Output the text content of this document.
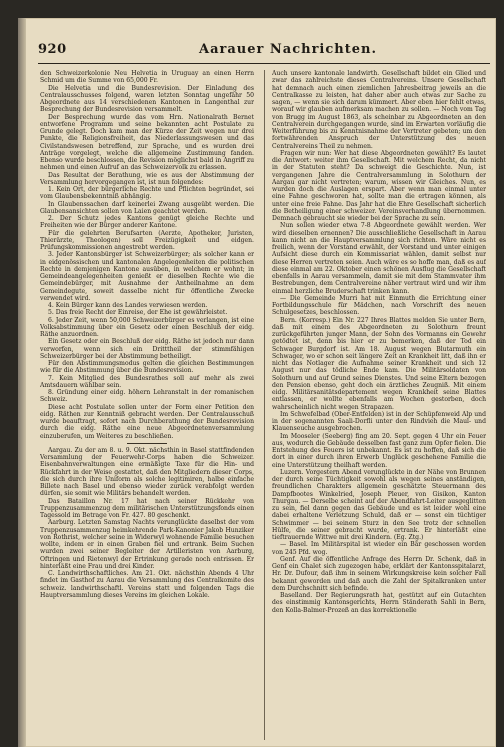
920	Aarauer Nachrichten.

den Schweizerkolonie Neu Helvetia in Uruguay an einen Herrn Schmid um die Summe von 65,000 Fr.

Die Helvetia und die Bundesrevision. Der Einladung des Centralausschusses folgend, waren letzten Sonntag ungefähr 50 Abgeordnete aus 14 verschiedenen Kantonen in Langenthal zur Besprechung der Bundesrevision versammelt.

Der Besprechung wurde das vom Hrn. Nationalrath Bernet entworfene Programm und seine bekannten acht Postulate zu Grunde gelegt. Doch kam man der Kürze der Zeit wegen nur drei Punkte, die Religionsfreiheit, das Niederlassungswesen und das Civilstandswesen betreffend, zur Sprache, und es wurden drei Anträge vorgelegt, welche die allgemeine Zustimmung fanden. Ebenso wurde beschlossen, die Revision möglichst bald in Angriff zu nehmen und einen Aufruf an das Schweizervolk zu erlassen.

Das Resultat der Berathung, wie es aus der Abstimmung der Versammlung hervorgegangen ist, ist nun folgendes:

1. Kein Ort, der bürgerliche Rechte und Pflichten begründet, sei vom Glaubensbekenntniß abhängig.

In Glaubenssachen darf keinerlei Zwang ausgeübt werden. Die Glaubensansichten sollen von Laien geachtet werden.

2. Der Schutz jedes Kantons genügt gleiche Rechte und Freiheiten wie der Bürger anderer Kantone.

Für die gelehrten Berufsarten (Aerzte, Apotheker, Juristen, Thierärzte, Theologen) soll Freizügigkeit und eidgen. Prüfungskommissionen angestrebt werden.

3. Jeder Kantonsbürger ist Schweizerbürger; als solcher kann er in eidgenössischen und kantonalen Angelegenheiten die politischen Rechte in demjenigen Kantone ausüben, in welchem er wohnt; in Gemeindeangelegenheiten genießt er dieselben Rechte wie die Gemeindebürger, mit Ausnahme der Antheilnahme an dem Gemeindegute, soweit dasselbe nicht für öffentliche Zwecke verwendet wird.

4. Kein Bürger kann des Landes verwiesen werden.

5. Das freie Recht der Einreise, der Ehe ist gewährleistet.

6. Jeder Zeit, wenn 50,000 Schweizerbürger es verlangen, ist eine Volksabstimmung über ein Gesetz oder einen Beschluß der eidg. Räthe anzuordnen.

Ein Gesetz oder ein Beschluß der eidg. Räthe ist jedoch nur dann verworfen, wenn sich ein Dritttheil der stimmfähigen Schweizerbürger bei der Abstimmung betheiligt.

Für den Abstimmungsmodus gelten die gleichen Bestimmungen wie für die Abstimmung über die Bundesrevision.

7. Kein Mitglied des Bundesrathes soll auf mehr als zwei Amtsdauern wählbar sein.

8. Gründung einer eidg. höhern Lehranstalt in der romanischen Schweiz.

Diese acht Postulate sollen unter der Form einer Petition den eidg. Räthen zur Kenntniß gebracht werden. Der Centralausschuß wurde beauftragt, sofort nach Durchberathung der Bundesrevision durch die eidg. Räthe eine neue Abgeordnetenversammlung einzuberufen, um Weiteres zu beschließen.

Aargau. Zu der am 8. u. 9. Okt. nächsthin in Basel stattfindenden Versammlung der Feuerwehr-Corps haben die Schweizer. Eisenbahnverwaltungen eine ermäßigte Taxe für die Hin- und Rückfahrt in der Weise gestattet, daß den Mitgliedern dieser Corps, die sich durch ihre Uniform als solche legitimiren, halbe einfache Billete nach Basel und ebenso wieder zurück verabfolgt werden dürfen, sie somit wie Militärs behandelt werden.

Das Bataillon Nr. 17 hat nach seiner Rückkehr von Truppenzusammenzug dem militärischen Unterstützungsfonds einen Tagessold im Betrage von Fr. 427. 80 geschenkt.

Aarburg. Letzten Samstag Nachts verunglückte daselbst der vom Truppenzusammenzug heimkehrende Park-Kanonier Jakob Hunziker von Rothrist, welcher seine in Widerwyl wohnende Familie besuchen wollte, indem er in einen Graben fiel und ertrank. Beim Suchen wurden zwei seiner Begleiter der Artilleristen von Aarburg, Oftringen und Rietenwyl der Ertrinkung gerade noch entrissen. Er hinterläßt eine Frau und drei Kinder.

C. Landwirthschaftliches. Am 21. Okt. nächsthin Abends 4 Uhr findet im Gasthof zu Aarau die Versammlung des Centralkomite des schweiz. landwirthschaftl. Vereins statt und folgenden Tags die Hauptversammlung dieses Vereins im gleichen Lokale.

Auch unsere kantonale landwirth. Gesellschaft bildet ein Glied und zwar das zahlreichste dieses Centralvereins. Unsere Gesellschaft hat demnach auch einen ziemlichen Jahresbeitrag jeweils an die Centralkasse zu leisten, hat daher aber auch etwas zur Sache zu sagen, — wenn sie sich darum kümmert. Aber eben hier fehlt etwas, worauf wir glauben aufmerksam machen zu sollen. — Noch vom Tag von Brugg im August 1863, als scheinbar zu Abgeordneten an den Centralverein durchgegangen wurde, sind im Erwarten vorläufig die Weiterführung bis zu Kenntnisnahme der Vertreter gebeten; um den fortwährenden Anspruch der Unterstützung des neuen Centralvereins Theil zu nehmen.

Fragen wir nun: Wer hat diese Abgeordneten gewählt? Es lautet die Antwort: weiter ihm Gesellschaft. Mit welchem Recht, da nicht in der Statuten steht? Da schweigt die Geschichte. Nun, ist vergangenen Jahre die Centralversammlung in Solothurn der Aargau gar nicht vertreten; warum, wissen wir Gleiches. Nun, es wurden doch die Auslagen erspart. Aber wenn man einmal unter eine Fahne geschworen hat, sollte man die ertragen können, als unter eine freie Fahne. Das Jahr hat die Ehre Gesellschaft sicherlich die Betheiligung einer schweizer. Vereinsverhandlung übernommen. Demnach gebraucht sie wieder bei der Sprache zu sein.

Nun sollen wieder etwa 7-8 Abgeordnete gewählt werden. Wer wird dieselben ernennen? Die ausschließliche Gesellschaft in Aarau kann nicht an die Hauptversammlung sich richten. Wäre nicht es freilich, wenn der Vorstand erwählt, der Vorstand und unter einigen Aufsicht diese durch ein Kommissariat wählen, damit selbst nur diese Herren vertreten seien. Auch wäre es so hoffe man, daß es auf diese einmal am 22. Oktober einen schönen Ausflug die Gesellschaft ebenfalls in Aarau versammeln, damit sie mit dem Stammvater ihm Bestrebungen, dem Centralvereine näher vertraut wird und wir ihm einmal herzliche Bruderschaft trinken kann.

— Die Gemeinde Murri hat mit Einmuth die Errichtung einer Fortbildungsschule für Mädchen, nach Vorschrift des neuen Schulgesetzes, beschlossen.

Bern. (Korresp.) Ein Nr. 227 Ihres Blattes melden Sie unter Bern, daß mit einem des Abgeordneten zu Solothurn freunt zurückgeführten junger Mann, der Sohn des Vormanns ein Gewehr getödtet ist, denn bis hier er zu bemerken, daß der Tod ein Schwager Burgdorf ist. Am 18. August wegen Blutarmuth ein Schwager, wo er schon seit längere Zeit an Krankheit litt, daß ihn er nicht das Notlager die Aufnahme seiner Krankheit und sich 12 August nur das tödliche Ende kam. Die Militärsoldaten von Solothurn und auf Grund seines Dienstes. Und seine Eltern bezogen den Pension ebenso, geht doch ein ärztliches Zeugniß. Mit einem eidg. Militärsanitätsdepartement wegen Krankheit seine Blattes entlassen, er wollte ebenfalls am Wochen gestorben, doch wahrscheinlich nicht wegen Strapazen.

Im Schwefelbad (Ober-Entfelden) ist in der Schüpfenweid Alp und in der sogenannten Saali-Dorfli unter den Rindvieh die Maul- und Klauenseuche ausgebrochen.

Im Mooseler (Seeberg) fing am 20. Sept. gegen 4 Uhr ein Feuer aus, wodurch die Gebäude desselben fast ganz zum Opfer fielen. Die Entstehung des Feuers ist unbekannt. Es ist zu hoffen, daß sich die dort in einer durch ihren Erwerb Unglück geschehene Familie die eine Unterstützung theilhaft werden.

Luzern. Vorgestern Abend verunglückte in der Nähe von Brunnen der durch seine Tüchtigkeit sowohl als wegen seines anständigen, freundlichen Charakters allgemein geschätzte Steuermann des Dampfbootes Winkelried, Joseph Pleuer, von Gisikon, Kanton Thurgau. — Derselbe scheint auf der Abendfahrt-Leiter ausgeglitten zu sein, fiel dann gegen das Gebäude und es ist leider wohl eine dabei erhaltene Verletzung Schuld, daß er — sonst ein tüchtiger Schwimmer — bei seinem Sturz in den See trotz der schnellen Hülfe, die seiner gebracht wurde, ertrank. Er hinterläßt eine tieftrauernde Wittwe mit drei Kindern. (Eg. Ztg.)

— Basel. Im Militärspital ist wieder ein Bär geschossen worden von 245 Pfd. wog.

Genf. Auf die öffentliche Anfrage des Herrn Dr. Schenk, daß in Genf ein Chalet sich zugezogen habe, erklärt der Kantonsspitalarzt, Hr. Dr. Dufour, daß ihm in seinem Wirkungskreise kein solcher Fall bekannt geworden und daß auch die Zahl der Spitalkranken unter dem Durchschnitt sich befinde.

Baselland. Der Regierungsrath hat, gestützt auf ein Gutachten des einstimmig Kantonsgerichts, Herrn Ständerath Sahli in Bern, den Kolla-Balmer-Prozeß an das korrektionelle
